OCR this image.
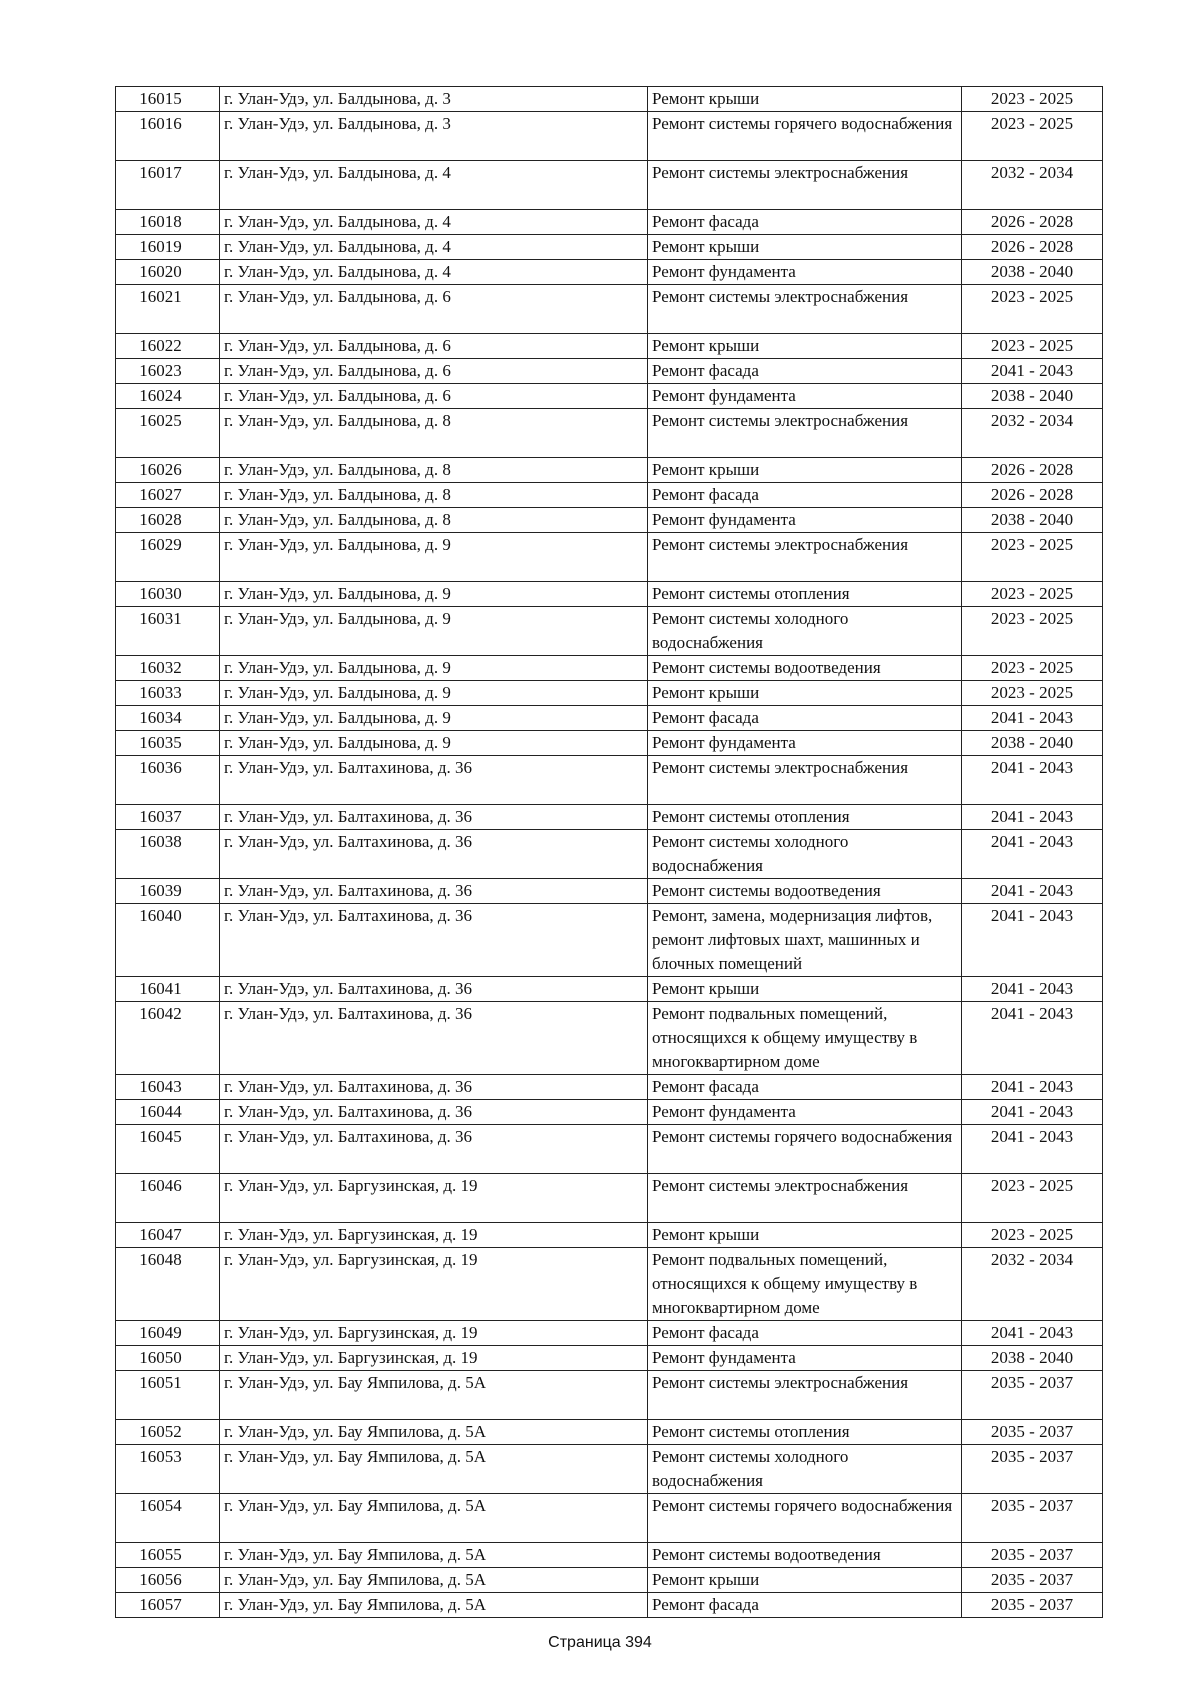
16015	г. Улан-Удэ, ул. Балдынова, д. 3	Ремонт крыши	2023 - 2025
16016	г. Улан-Удэ, ул. Балдынова, д. 3	Ремонт системы горячего водоснабжения	2023 - 2025
16017	г. Улан-Удэ, ул. Балдынова, д. 4	Ремонт системы электроснабжения	2032 - 2034
16018	г. Улан-Удэ, ул. Балдынова, д. 4	Ремонт фасада	2026 - 2028
16019	г. Улан-Удэ, ул. Балдынова, д. 4	Ремонт крыши	2026 - 2028
16020	г. Улан-Удэ, ул. Балдынова, д. 4	Ремонт фундамента	2038 - 2040
16021	г. Улан-Удэ, ул. Балдынова, д. 6	Ремонт системы электроснабжения	2023 - 2025
16022	г. Улан-Удэ, ул. Балдынова, д. 6	Ремонт крыши	2023 - 2025
16023	г. Улан-Удэ, ул. Балдынова, д. 6	Ремонт фасада	2041 - 2043
16024	г. Улан-Удэ, ул. Балдынова, д. 6	Ремонт фундамента	2038 - 2040
16025	г. Улан-Удэ, ул. Балдынова, д. 8	Ремонт системы электроснабжения	2032 - 2034
16026	г. Улан-Удэ, ул. Балдынова, д. 8	Ремонт крыши	2026 - 2028
16027	г. Улан-Удэ, ул. Балдынова, д. 8	Ремонт фасада	2026 - 2028
16028	г. Улан-Удэ, ул. Балдынова, д. 8	Ремонт фундамента	2038 - 2040
16029	г. Улан-Удэ, ул. Балдынова, д. 9	Ремонт системы электроснабжения	2023 - 2025
16030	г. Улан-Удэ, ул. Балдынова, д. 9	Ремонт системы отопления	2023 - 2025
16031	г. Улан-Удэ, ул. Балдынова, д. 9	Ремонт системы холодного водоснабжения	2023 - 2025
16032	г. Улан-Удэ, ул. Балдынова, д. 9	Ремонт системы водоотведения	2023 - 2025
16033	г. Улан-Удэ, ул. Балдынова, д. 9	Ремонт крыши	2023 - 2025
16034	г. Улан-Удэ, ул. Балдынова, д. 9	Ремонт фасада	2041 - 2043
16035	г. Улан-Удэ, ул. Балдынова, д. 9	Ремонт фундамента	2038 - 2040
16036	г. Улан-Удэ, ул. Балтахинова, д. 36	Ремонт системы электроснабжения	2041 - 2043
16037	г. Улан-Удэ, ул. Балтахинова, д. 36	Ремонт системы отопления	2041 - 2043
16038	г. Улан-Удэ, ул. Балтахинова, д. 36	Ремонт системы холодного водоснабжения	2041 - 2043
16039	г. Улан-Удэ, ул. Балтахинова, д. 36	Ремонт системы водоотведения	2041 - 2043
16040	г. Улан-Удэ, ул. Балтахинова, д. 36	Ремонт, замена, модернизация лифтов, ремонт лифтовых шахт, машинных и блочных помещений	2041 - 2043
16041	г. Улан-Удэ, ул. Балтахинова, д. 36	Ремонт крыши	2041 - 2043
16042	г. Улан-Удэ, ул. Балтахинова, д. 36	Ремонт подвальных помещений, относящихся к общему имуществу в многоквартирном доме	2041 - 2043
16043	г. Улан-Удэ, ул. Балтахинова, д. 36	Ремонт фасада	2041 - 2043
16044	г. Улан-Удэ, ул. Балтахинова, д. 36	Ремонт фундамента	2041 - 2043
16045	г. Улан-Удэ, ул. Балтахинова, д. 36	Ремонт системы горячего водоснабжения	2041 - 2043
16046	г. Улан-Удэ, ул. Баргузинская, д. 19	Ремонт системы электроснабжения	2023 - 2025
16047	г. Улан-Удэ, ул. Баргузинская, д. 19	Ремонт крыши	2023 - 2025
16048	г. Улан-Удэ, ул. Баргузинская, д. 19	Ремонт подвальных помещений, относящихся к общему имуществу в многоквартирном доме	2032 - 2034
16049	г. Улан-Удэ, ул. Баргузинская, д. 19	Ремонт фасада	2041 - 2043
16050	г. Улан-Удэ, ул. Баргузинская, д. 19	Ремонт фундамента	2038 - 2040
16051	г. Улан-Удэ, ул. Бау Ямпилова, д. 5А	Ремонт системы электроснабжения	2035 - 2037
16052	г. Улан-Удэ, ул. Бау Ямпилова, д. 5А	Ремонт системы отопления	2035 - 2037
16053	г. Улан-Удэ, ул. Бау Ямпилова, д. 5А	Ремонт системы холодного водоснабжения	2035 - 2037
16054	г. Улан-Удэ, ул. Бау Ямпилова, д. 5А	Ремонт системы горячего водоснабжения	2035 - 2037
16055	г. Улан-Удэ, ул. Бау Ямпилова, д. 5А	Ремонт системы водоотведения	2035 - 2037
16056	г. Улан-Удэ, ул. Бау Ямпилова, д. 5А	Ремонт крыши	2035 - 2037
16057	г. Улан-Удэ, ул. Бау Ямпилова, д. 5А	Ремонт фасада	2035 - 2037
Страница 394
